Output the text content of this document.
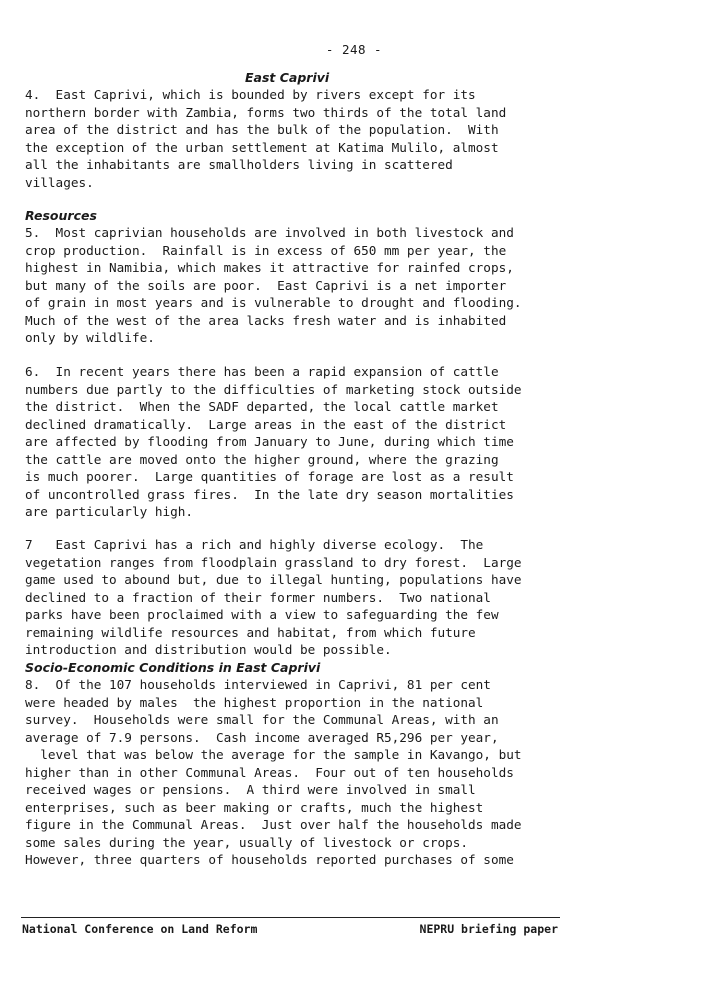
- 248 -
East Caprivi
4.  East Caprivi, which is bounded by rivers except for its
northern border with Zambia, forms two thirds of the total land
area of the district and has the bulk of the population.  With
the exception of the urban settlement at Katima Mulilo, almost
all the inhabitants are smallholders living in scattered
villages.
Resources
5.  Most caprivian households are involved in both livestock and
crop production.  Rainfall is in excess of 650 mm per year, the
highest in Namibia, which makes it attractive for rainfed crops,
but many of the soils are poor.  East Caprivi is a net importer
of grain in most years and is vulnerable to drought and flooding.
Much of the west of the area lacks fresh water and is inhabited
only by wildlife.
6.  In recent years there has been a rapid expansion of cattle
numbers due partly to the difficulties of marketing stock outside
the district.  When the SADF departed, the local cattle market
declined dramatically.  Large areas in the east of the district
are affected by flooding from January to June, during which time
the cattle are moved onto the higher ground, where the grazing
is much poorer.  Large quantities of forage are lost as a result
of uncontrolled grass fires.  In the late dry season mortalities
are particularly high.
7   East Caprivi has a rich and highly diverse ecology.  The
vegetation ranges from floodplain grassland to dry forest.  Large
game used to abound but, due to illegal hunting, populations have
declined to a fraction of their former numbers.  Two national
parks have been proclaimed with a view to safeguarding the few
remaining wildlife resources and habitat, from which future
introduction and distribution would be possible.
Socio-Economic Conditions in East Caprivi
8.  Of the 107 households interviewed in Caprivi, 81 per cent
were headed by males  the highest proportion in the national
survey.  Households were small for the Communal Areas, with an
average of 7.9 persons.  Cash income averaged R5,296 per year,
level that was below the average for the sample in Kavango, but
higher than in other Communal Areas.  Four out of ten households
received wages or pensions.  A third were involved in small
enterprises, such as beer making or crafts, much the highest
figure in the Communal Areas.  Just over half the households made
some sales during the year, usually of livestock or crops.
However, three quarters of households reported purchases of some
National Conference on Land Reform	NEPRU briefing paper
